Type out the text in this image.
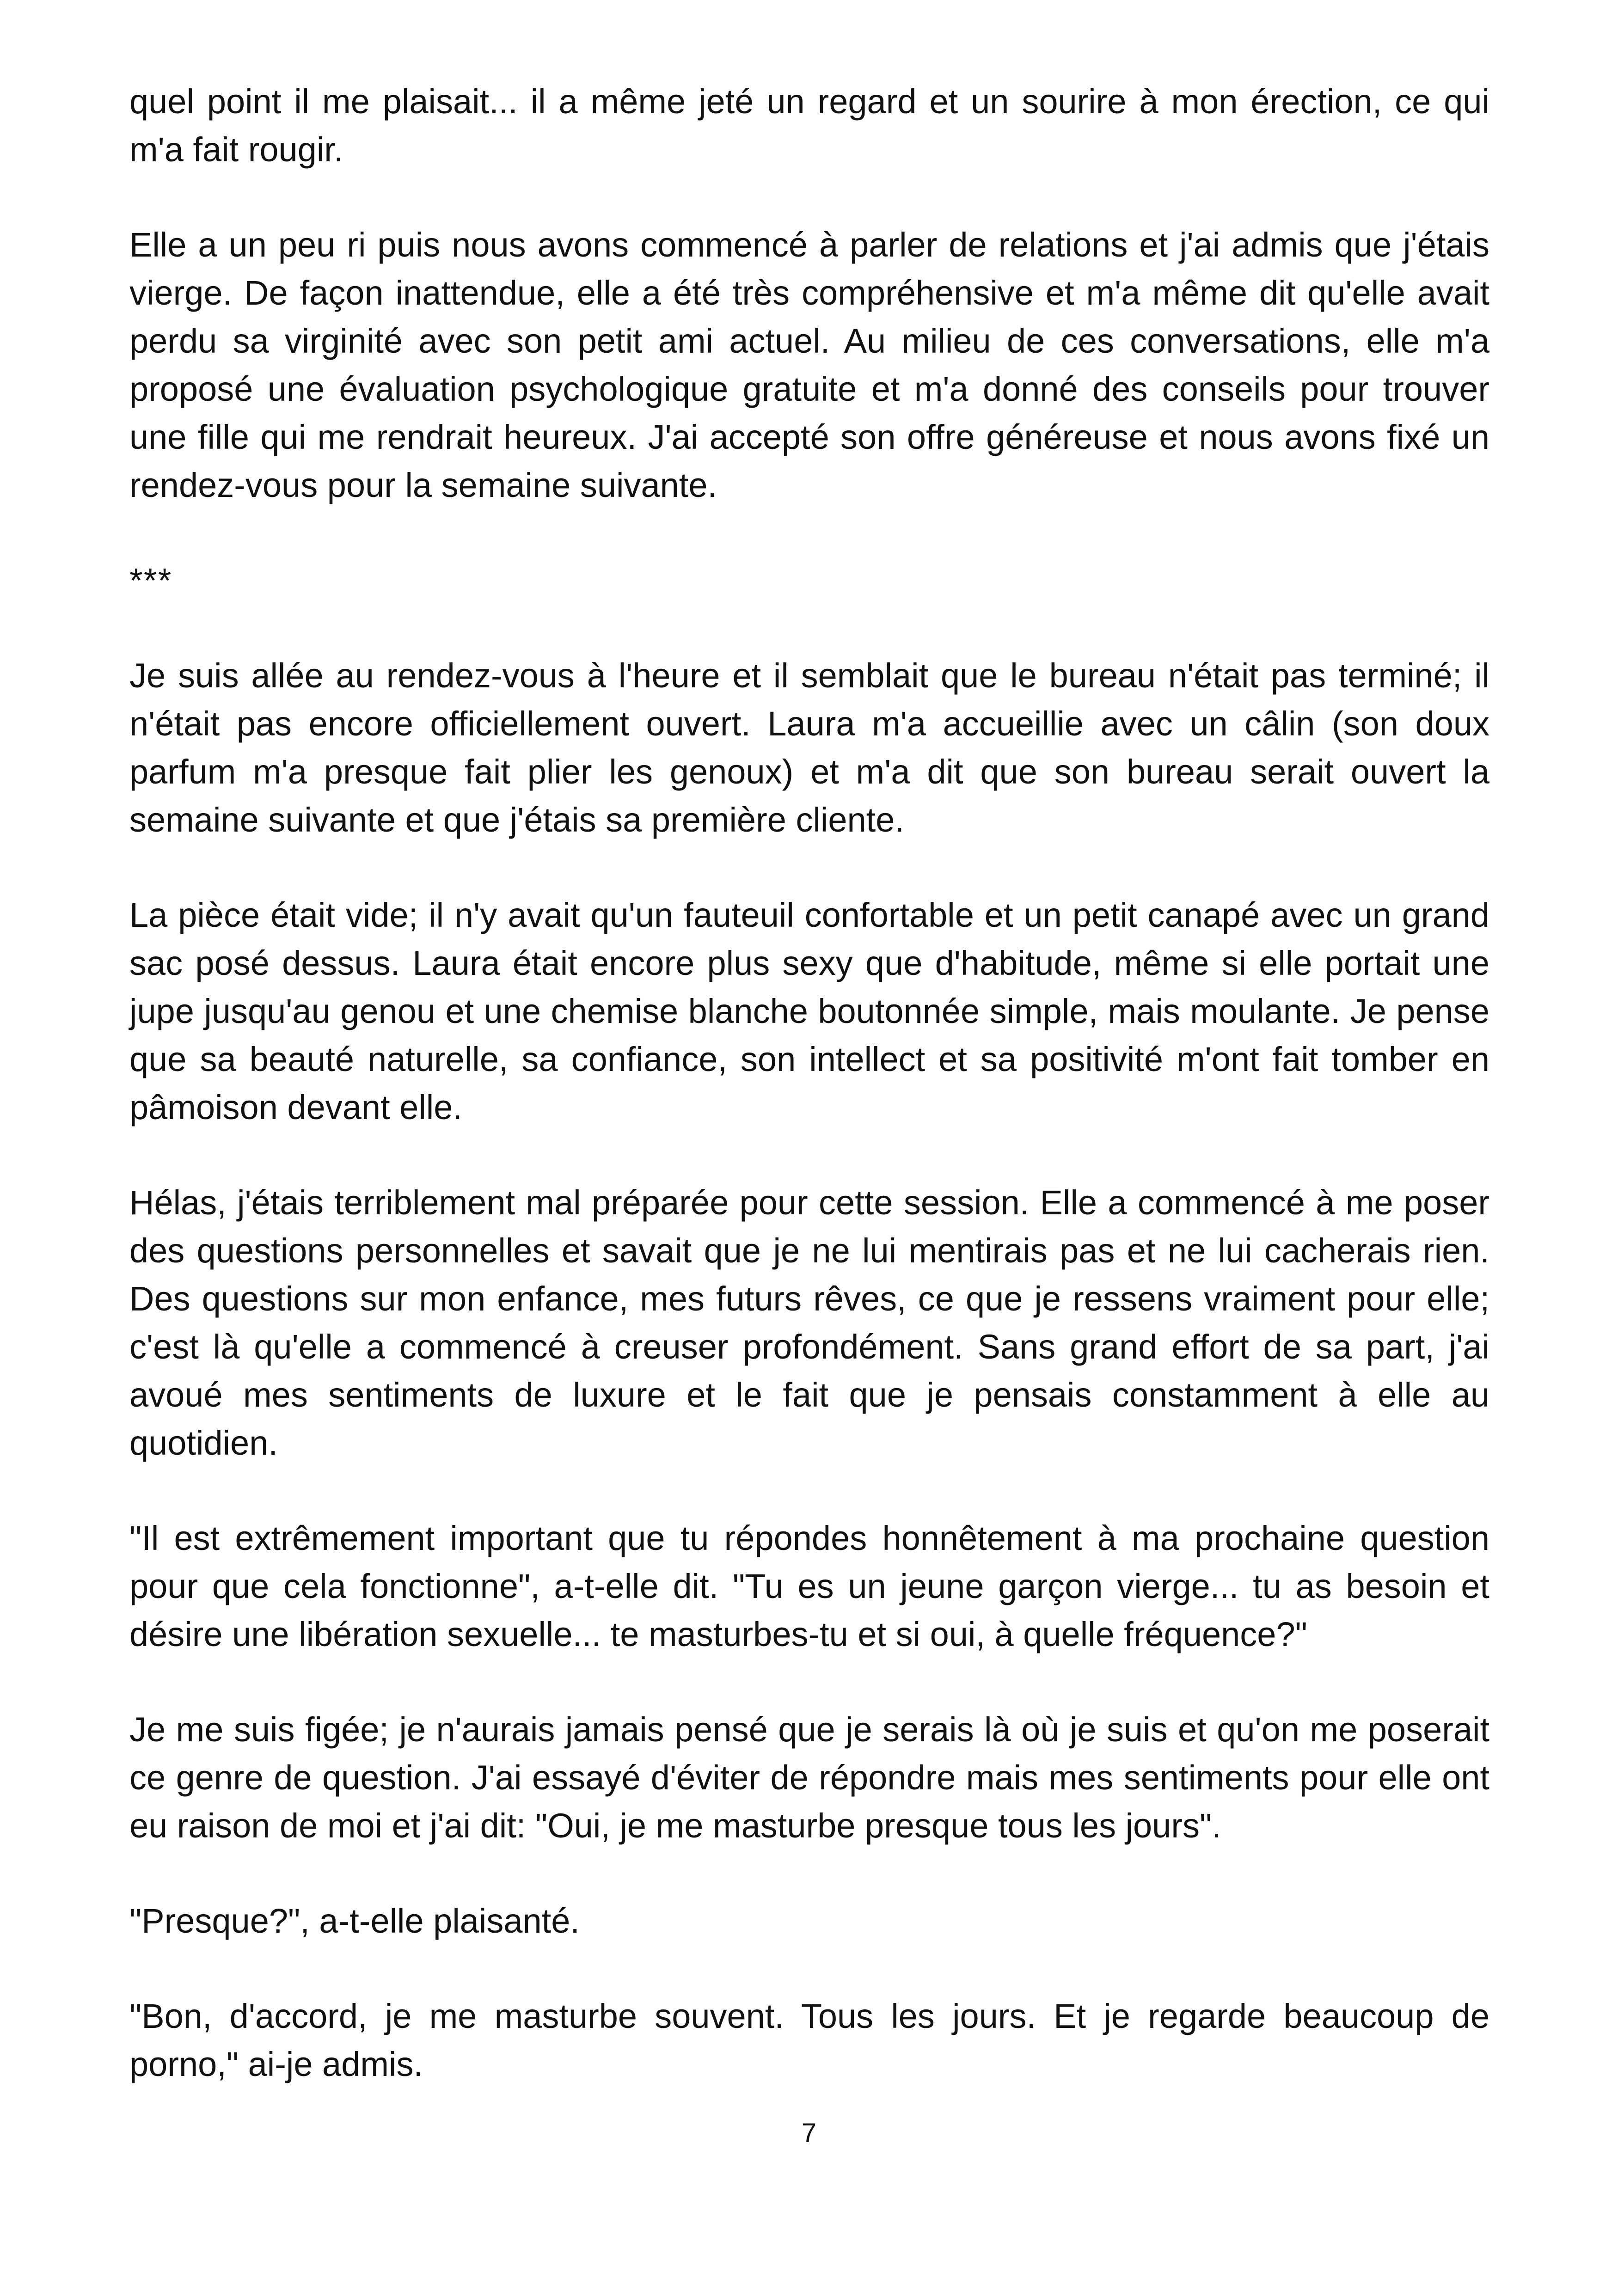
quel point il me plaisait... il a même jeté un regard et un sourire à mon érection, ce qui m'a fait rougir.

Elle a un peu ri puis nous avons commencé à parler de relations et j'ai admis que j'étais vierge. De façon inattendue, elle a été très compréhensive et m'a même dit qu'elle avait perdu sa virginité avec son petit ami actuel. Au milieu de ces conversations, elle m'a proposé une évaluation psychologique gratuite et m'a donné des conseils pour trouver une fille qui me rendrait heureux. J'ai accepté son offre généreuse et nous avons fixé un rendez-vous pour la semaine suivante.

***

Je suis allée au rendez-vous à l'heure et il semblait que le bureau n'était pas terminé; il n'était pas encore officiellement ouvert. Laura m'a accueillie avec un câlin (son doux parfum m'a presque fait plier les genoux) et m'a dit que son bureau serait ouvert la semaine suivante et que j'étais sa première cliente.

La pièce était vide; il n'y avait qu'un fauteuil confortable et un petit canapé avec un grand sac posé dessus. Laura était encore plus sexy que d'habitude, même si elle portait une jupe jusqu'au genou et une chemise blanche boutonnée simple, mais moulante. Je pense que sa beauté naturelle, sa confiance, son intellect et sa positivité m'ont fait tomber en pâmoison devant elle.

Hélas, j'étais terriblement mal préparée pour cette session. Elle a commencé à me poser des questions personnelles et savait que je ne lui mentirais pas et ne lui cacherais rien. Des questions sur mon enfance, mes futurs rêves, ce que je ressens vraiment pour elle; c'est là qu'elle a commencé à creuser profondément. Sans grand effort de sa part, j'ai avoué mes sentiments de luxure et le fait que je pensais constamment à elle au quotidien.

"Il est extrêmement important que tu répondes honnêtement à ma prochaine question pour que cela fonctionne", a-t-elle dit. "Tu es un jeune garçon vierge... tu as besoin et désire une libération sexuelle... te masturbes-tu et si oui, à quelle fréquence?"

Je me suis figée; je n'aurais jamais pensé que je serais là où je suis et qu'on me poserait ce genre de question. J'ai essayé d'éviter de répondre mais mes sentiments pour elle ont eu raison de moi et j'ai dit: "Oui, je me masturbe presque tous les jours".

"Presque?", a-t-elle plaisanté.

"Bon, d'accord, je me masturbe souvent. Tous les jours. Et je regarde beaucoup de porno," ai-je admis.

7
